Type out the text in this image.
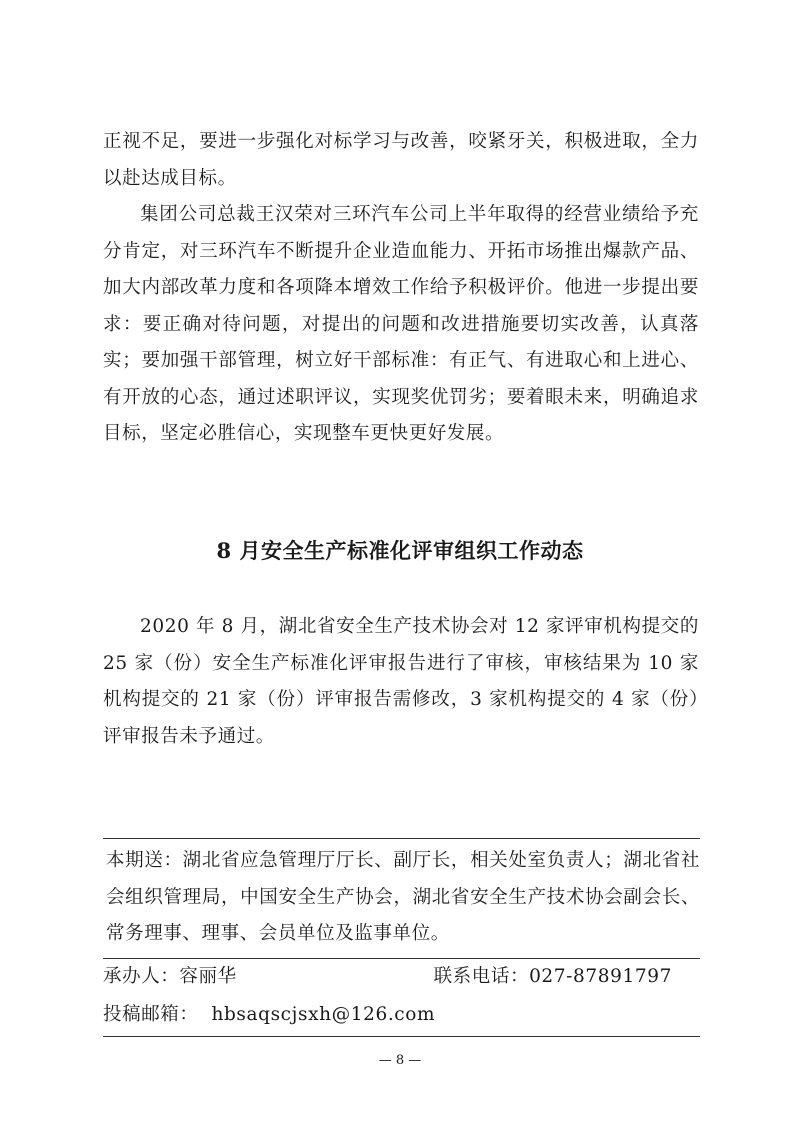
正视不足，要进一步强化对标学习与改善，咬紧牙关，积极进取，全力以赴达成目标。

集团公司总裁王汉荣对三环汽车公司上半年取得的经营业绩给予充分肯定，对三环汽车不断提升企业造血能力、开拓市场推出爆款产品、加大内部改革力度和各项降本增效工作给予积极评价。他进一步提出要求：要正确对待问题，对提出的问题和改进措施要切实改善，认真落实；要加强干部管理，树立好干部标准：有正气、有进取心和上进心、有开放的心态，通过述职评议，实现奖优罚劣；要着眼未来，明确追求目标，坚定必胜信心，实现整车更快更好发展。

8 月安全生产标准化评审组织工作动态

2020 年 8 月，湖北省安全生产技术协会对 12 家评审机构提交的 25 家（份）安全生产标准化评审报告进行了审核，审核结果为 10 家机构提交的 21 家（份）评审报告需修改，3 家机构提交的 4 家（份）评审报告未予通过。

本期送：湖北省应急管理厅厅长、副厅长，相关处室负责人；湖北省社会组织管理局，中国安全生产协会，湖北省安全生产技术协会副会长、常务理事、理事、会员单位及监事单位。

承办人：容丽华	联系电话：027-87891797
投稿邮箱：  hbsaqscjsxh@126.com
— 8 —
